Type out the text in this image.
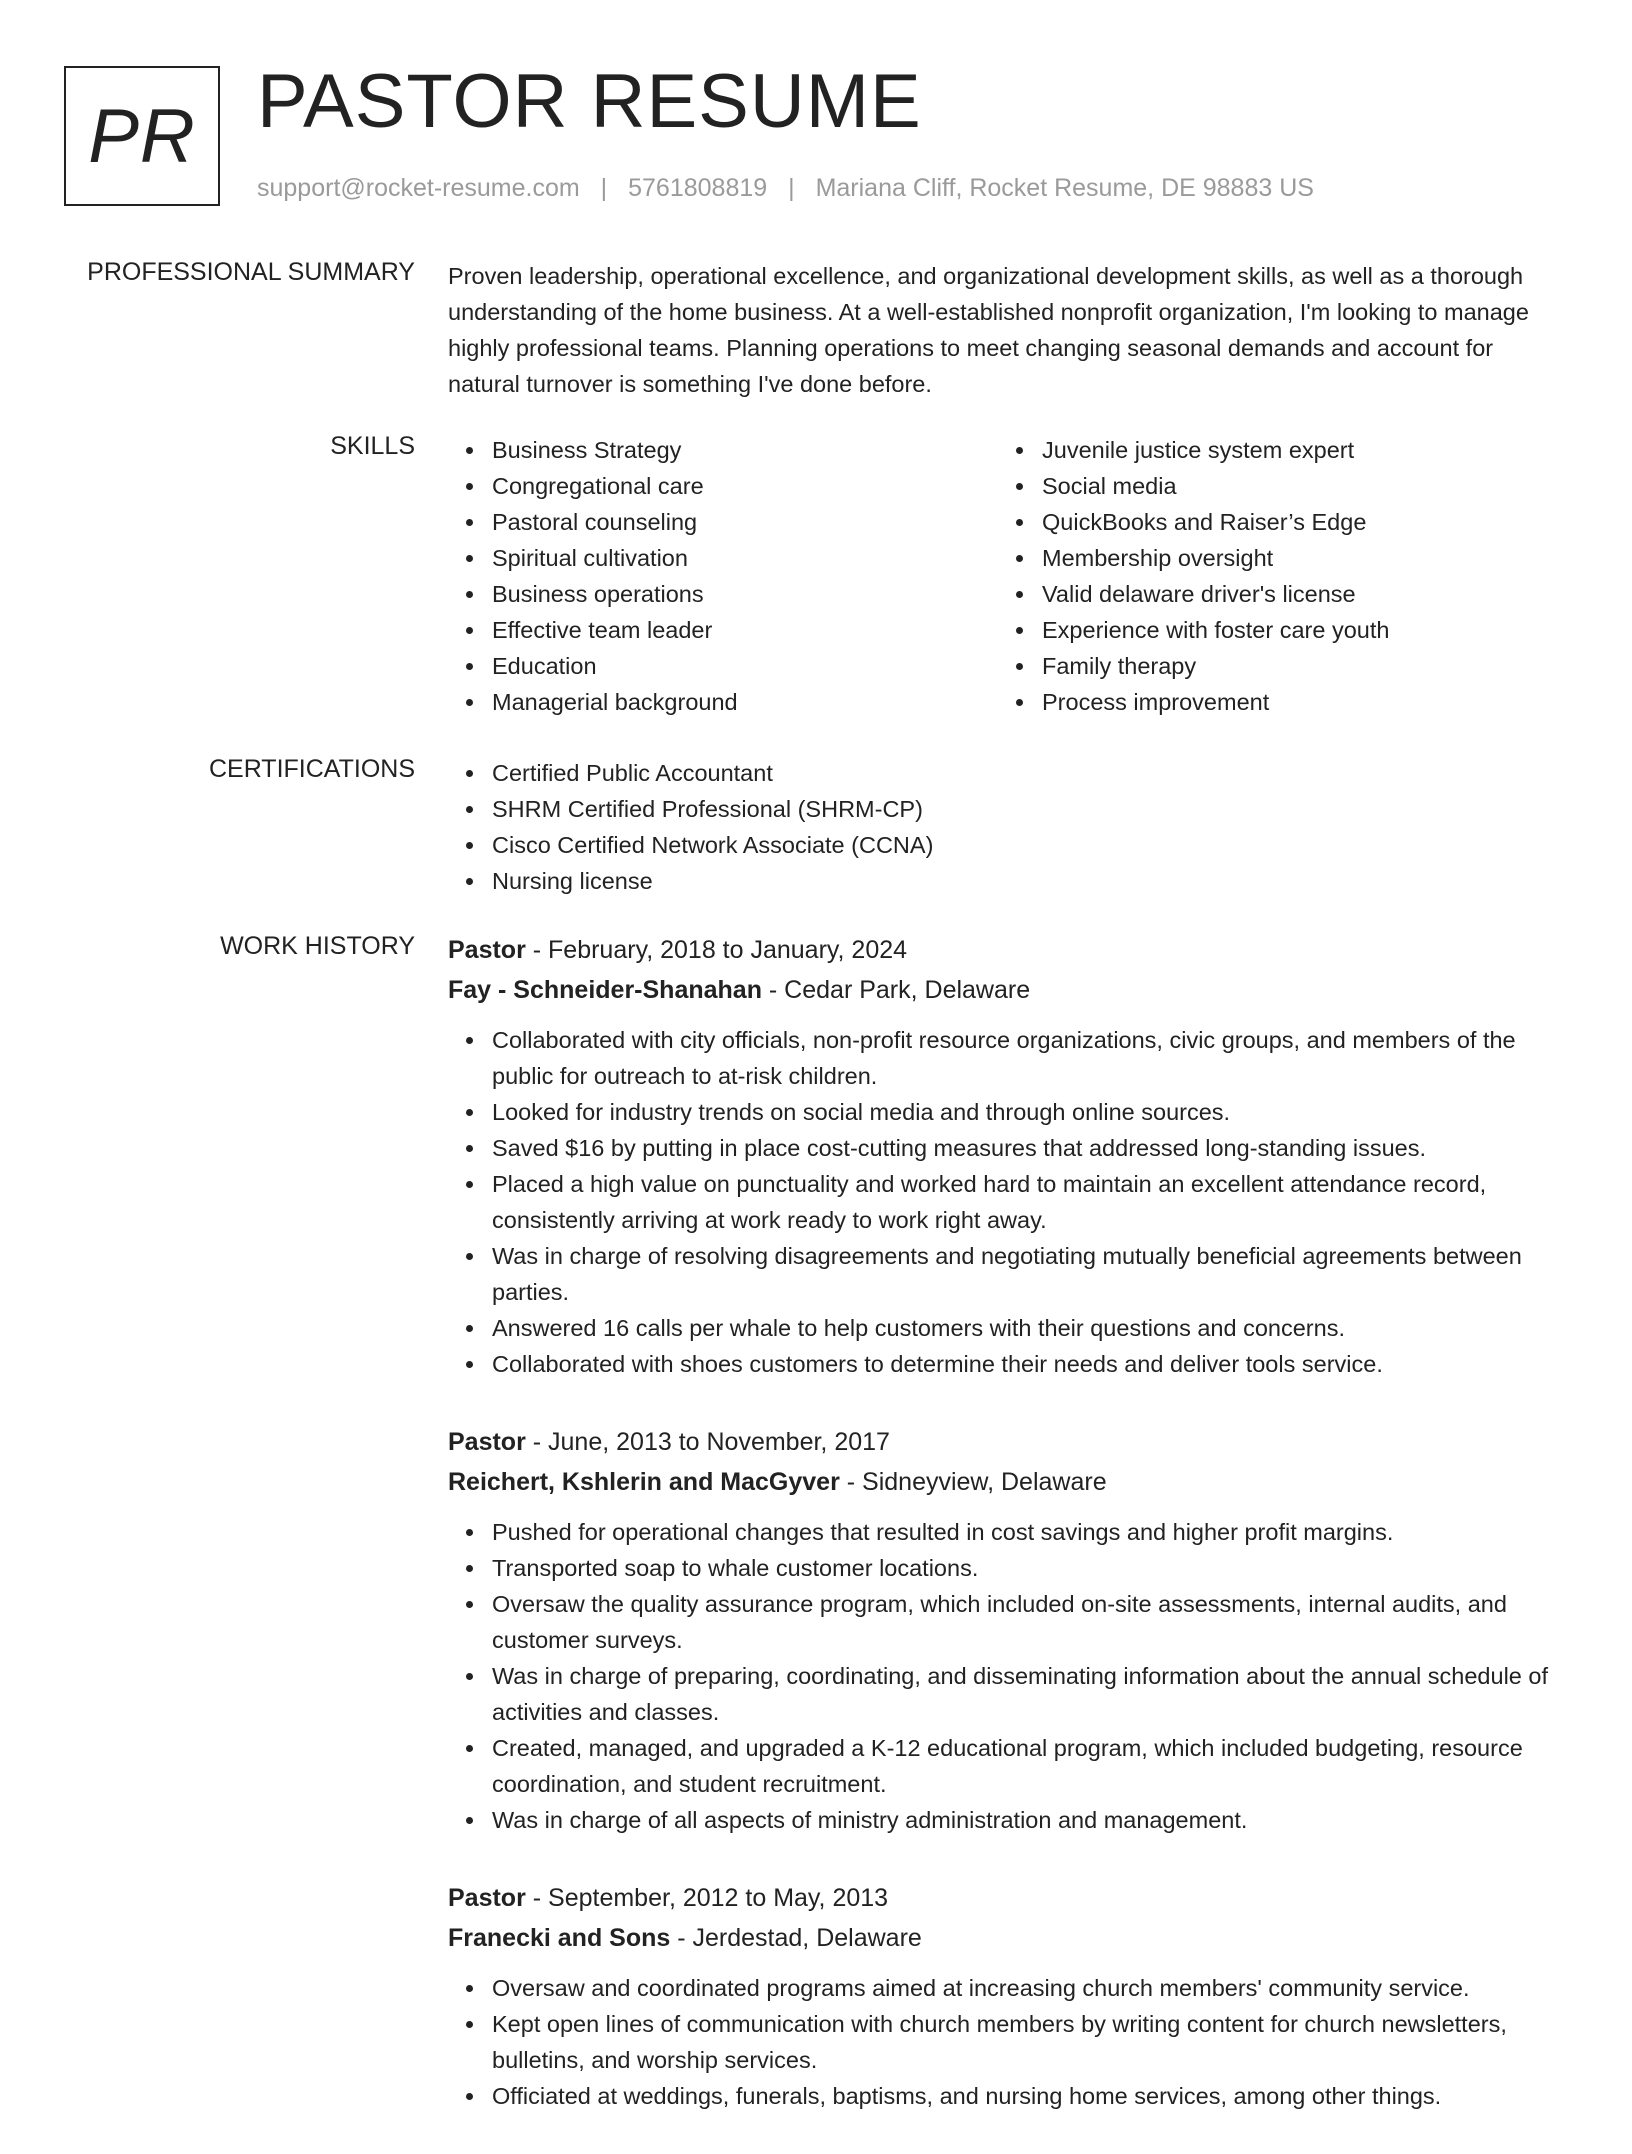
PR PASTOR RESUME
support@rocket-resume.com | 5761808819 | Mariana Cliff, Rocket Resume, DE 98883 US
PROFESSIONAL SUMMARY Proven leadership, operational excellence, and organizational development skills, as well as a thorough understanding of the home business. At a well-established nonprofit organization, I'm looking to manage highly professional teams. Planning operations to meet changing seasonal demands and account for natural turnover is something I've done before.

SKILLS	Business Strategy
Congregational care
Pastoral counseling
Spiritual cultivation
Business operations
Effective team leader
Education
Managerial background
Juvenile justice system expert
Social media
QuickBooks and Raiser’s Edge
Membership oversight
Valid delaware driver's license
Experience with foster care youth
Family therapy
Process improvement
CERTIFICATIONS	Certified Public Accountant
SHRM Certified Professional (SHRM-CP)
Cisco Certified Network Associate (CCNA)
Nursing license
WORK HISTORY Pastor - February, 2018 to January, 2024
Fay - Schneider-Shanahan - Cedar Park, Delaware
Collaborated with city officials, non-profit resource organizations, civic groups, and members of the public for outreach to at-risk children.
Looked for industry trends on social media and through online sources.
Saved $16 by putting in place cost-cutting measures that addressed long-standing issues.
Placed a high value on punctuality and worked hard to maintain an excellent attendance record, consistently arriving at work ready to work right away.
Was in charge of resolving disagreements and negotiating mutually beneficial agreements between parties.
Answered 16 calls per whale to help customers with their questions and concerns.
Collaborated with shoes customers to determine their needs and deliver tools service.
Pastor - June, 2013 to November, 2017
Reichert, Kshlerin and MacGyver - Sidneyview, Delaware
Pushed for operational changes that resulted in cost savings and higher profit margins.
Transported soap to whale customer locations.
Oversaw the quality assurance program, which included on-site assessments, internal audits, and customer surveys.
Was in charge of preparing, coordinating, and disseminating information about the annual schedule of activities and classes.
Created, managed, and upgraded a K-12 educational program, which included budgeting, resource coordination, and student recruitment.
Was in charge of all aspects of ministry administration and management.
Pastor - September, 2012 to May, 2013
Franecki and Sons - Jerdestad, Delaware
Oversaw and coordinated programs aimed at increasing church members' community service.
Kept open lines of communication with church members by writing content for church newsletters, bulletins, and worship services.
Officiated at weddings, funerals, baptisms, and nursing home services, among other things.
